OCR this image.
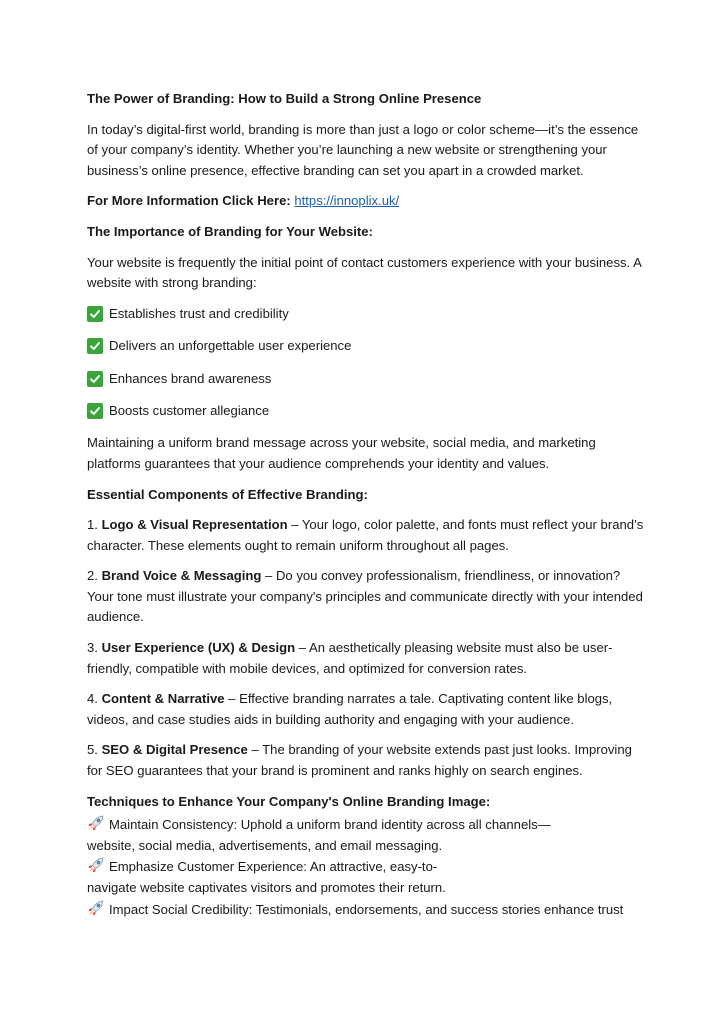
The Power of Branding: How to Build a Strong Online Presence

In today’s digital-first world, branding is more than just a logo or color scheme—it’s the essence of your company’s identity. Whether you’re launching a new website or strengthening your business’s online presence, effective branding can set you apart in a crowded market.

For More Information Click Here: https://innoplix.uk/

The Importance of Branding for Your Website:

Your website is frequently the initial point of contact customers experience with your business. A website with strong branding:

Establishes trust and credibility
Delivers an unforgettable user experience
Enhances brand awareness
Boosts customer allegiance

Maintaining a uniform brand message across your website, social media, and marketing platforms guarantees that your audience comprehends your identity and values.

Essential Components of Effective Branding:

1. Logo & Visual Representation – Your logo, color palette, and fonts must reflect your brand’s character. These elements ought to remain uniform throughout all pages.

2. Brand Voice & Messaging – Do you convey professionalism, friendliness, or innovation? Your tone must illustrate your company's principles and communicate directly with your intended audience.

3. User Experience (UX) & Design – An aesthetically pleasing website must also be user-friendly, compatible with mobile devices, and optimized for conversion rates.

4. Content & Narrative – Effective branding narrates a tale. Captivating content like blogs, videos, and case studies aids in building authority and engaging with your audience.

5. SEO & Digital Presence – The branding of your website extends past just looks. Improving for SEO guarantees that your brand is prominent and ranks highly on search engines.

Techniques to Enhance Your Company's Online Branding Image:

Maintain Consistency: Uphold a uniform brand identity across all channels—
website, social media, advertisements, and email messaging.

Emphasize Customer Experience: An attractive, easy-to-
navigate website captivates visitors and promotes their return.

Impact Social Credibility: Testimonials, endorsements, and success stories enhance trust
